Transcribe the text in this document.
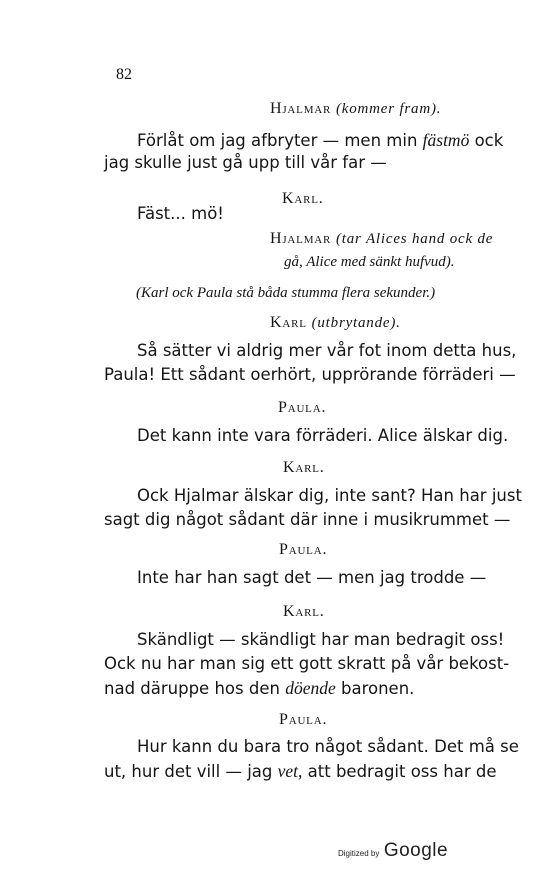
82
Hjalmar (kommer fram).
Förlåt om jag afbryter — men min fästmö ock
jag skulle just gå upp till vår far —
Karl.
Fäst... mö!
Hjalmar (tar Alices hand ock de
gå, Alice med sänkt hufvud).
(Karl ock Paula stå båda stumma flera sekunder.)
Karl (utbrytande).
Så sätter vi aldrig mer vår fot inom detta hus,
Paula! Ett sådant oerhört, upprörande förräderi —
Paula.
Det kann inte vara förräderi. Alice älskar dig.
Karl.
Ock Hjalmar älskar dig, inte sant? Han har just
sagt dig något sådant där inne i musikrummet —
Paula.
Inte har han sagt det — men jag trodde —
Karl.
Skändligt — skändligt har man bedragit oss!
Ock nu har man sig ett gott skratt på vår bekost-
nad däruppe hos den döende baronen.
Paula.
Hur kann du bara tro något sådant. Det må se
ut, hur det vill — jag vet, att bedragit oss har de
Digitized by Google
